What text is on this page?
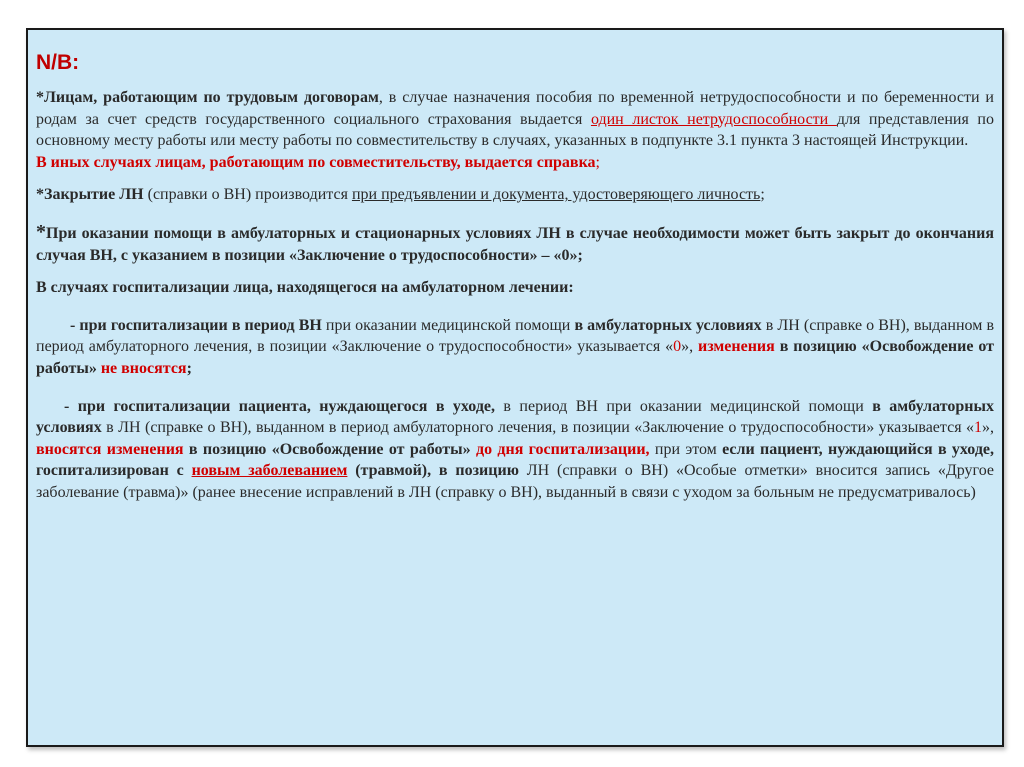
N/B:

*Лицам, работающим по трудовым договорам, в случае назначения пособия по временной нетрудоспособности и по беременности и родам за счет средств государственного социального страхования выдается один листок нетрудоспособности для представления по основному месту работы или месту работы по совместительству в случаях, указанных в подпункте 3.1 пункта 3 настоящей Инструкции.
В иных случаях лицам, работающим по совместительству, выдается справка;

*Закрытие ЛН (справки о ВН) производится при предъявлении и документа, удостоверяющего личность;

*При оказании помощи в амбулаторных и стационарных условиях ЛН в случае необходимости может быть закрыт до окончания случая ВН, с указанием в позиции «Заключение о трудоспособности» – «0»;

В случаях госпитализации лица, находящегося на амбулаторном лечении:

- при госпитализации в период ВН при оказании медицинской помощи в амбулаторных условиях в ЛН (справке о ВН), выданном в период амбулаторного лечения, в позиции «Заключение о трудоспособности» указывается «0», изменения в позицию «Освобождение от работы» не вносятся;

- при госпитализации пациента, нуждающегося в уходе, в период ВН при оказании медицинской помощи в амбулаторных условиях в ЛН (справке о ВН), выданном в период амбулаторного лечения, в позиции «Заключение о трудоспособности» указывается «1», вносятся изменения в позицию «Освобождение от работы» до дня госпитализации, при этом если пациент, нуждающийся в уходе, госпитализирован с новым заболеванием (травмой), в позицию ЛН (справки о ВН) «Особые отметки» вносится запись «Другое заболевание (травма)» (ранее внесение исправлений в ЛН (справку о ВН), выданный в связи с уходом за больным не предусматривалось)
